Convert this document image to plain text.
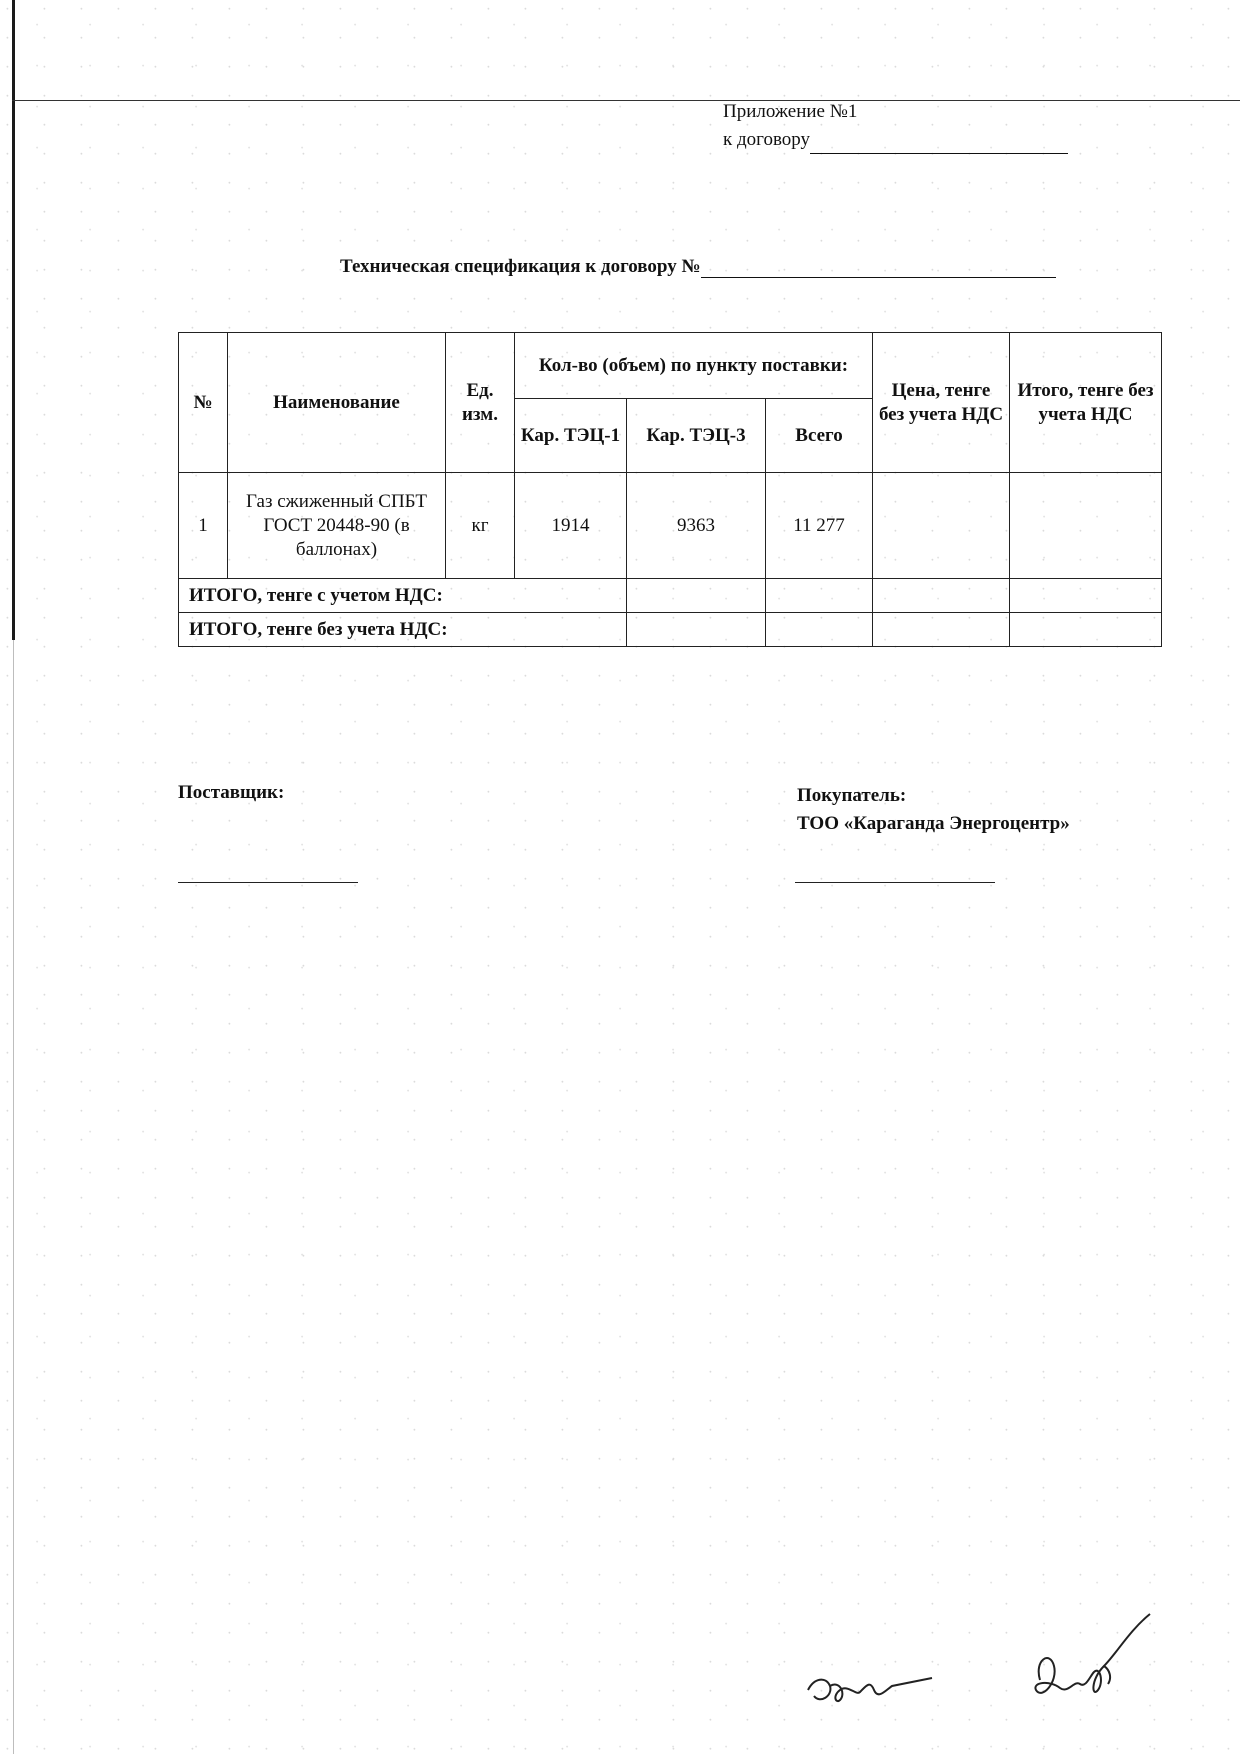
Приложение №1
к договору
Техническая спецификация к договору №
№	Наименование	Ед. изм.	Кол-во (объем) по пункту поставки:			Цена, тенге без учета НДС	Итого, тенге без учета НДС
			Кар. ТЭЦ-1	Кар. ТЭЦ-3	Всего		
1	Газ сжиженный СПБТ ГОСТ 20448-90 (в баллонах)	кг	1914	9363	11 277		
ИТОГО, тенге с учетом НДС:							
ИТОГО, тенге без учета НДС:							
Поставщик:	Покупатель:
ТОО «Караганда Энергоцентр»
